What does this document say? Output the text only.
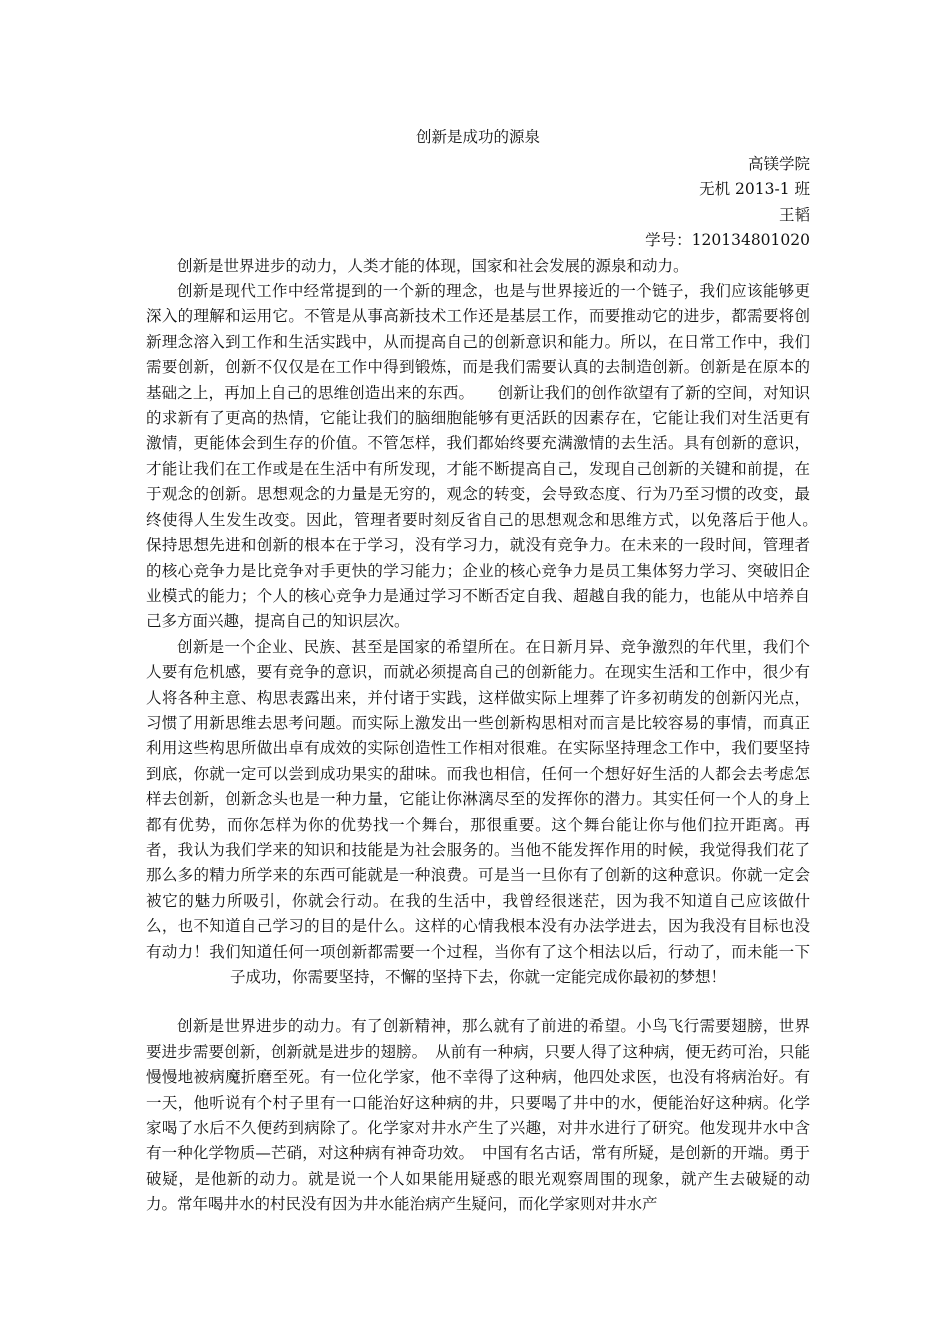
创新是成功的源泉

高镁学院

无机 2013-1 班

王韬

学号：120134801020

创新是世界进步的动力，人类才能的体现，国家和社会发展的源泉和动力。

创新是现代工作中经常提到的一个新的理念，也是与世界接近的一个链子，我们应该能够更深入的理解和运用它。不管是从事高新技术工作还是基层工作，而要推动它的进步，都需要将创新理念溶入到工作和生活实践中，从而提高自己的创新意识和能力。所以，在日常工作中，我们需要创新，创新不仅仅是在工作中得到锻炼，而是我们需要认真的去制造创新。创新是在原本的基础之上，再加上自己的思维创造出来的东西。　　创新让我们的创作欲望有了新的空间，对知识的求新有了更高的热情，它能让我们的脑细胞能够有更活跃的因素存在，它能让我们对生活更有激情，更能体会到生存的价值。不管怎样，我们都始终要充满激情的去生活。具有创新的意识，才能让我们在工作或是在生活中有所发现，才能不断提高自己，发现自己创新的关键和前提，在于观念的创新。思想观念的力量是无穷的，观念的转变，会导致态度、行为乃至习惯的改变，最终使得人生发生改变。因此，管理者要时刻反省自己的思想观念和思维方式，以免落后于他人。　保持思想先进和创新的根本在于学习，没有学习力，就没有竞争力。在未来的一段时间，管理者的核心竞争力是比竞争对手更快的学习能力；企业的核心竞争力是员工集体努力学习、突破旧企业模式的能力；个人的核心竞争力是通过学习不断否定自我、超越自我的能力，也能从中培养自己多方面兴趣，提高自己的知识层次。

创新是一个企业、民族、甚至是国家的希望所在。在日新月异、竞争激烈的年代里，我们个人要有危机感，要有竞争的意识，而就必须提高自己的创新能力。在现实生活和工作中，很少有人将各种主意、构思表露出来，并付诸于实践，这样做实际上埋葬了许多初萌发的创新闪光点，习惯了用新思维去思考问题。而实际上激发出一些创新构思相对而言是比较容易的事情，而真正利用这些构思所做出卓有成效的实际创造性工作相对很难。在实际坚持理念工作中，我们要坚持到底，你就一定可以尝到成功果实的甜味。而我也相信，任何一个想好好生活的人都会去考虑怎样去创新，创新念头也是一种力量，它能让你淋漓尽至的发挥你的潜力。其实任何一个人的身上都有优势，而你怎样为你的优势找一个舞台，那很重要。这个舞台能让你与他们拉开距离。再者，我认为我们学来的知识和技能是为社会服务的。当他不能发挥作用的时候，我觉得我们花了那么多的精力所学来的东西可能就是一种浪费。可是当一旦你有了创新的这种意识。你就一定会被它的魅力所吸引，你就会行动。在我的生活中，我曾经很迷茫，因为我不知道自己应该做什么，也不知道自己学习的目的是什么。这样的心情我根本没有办法学进去，因为我没有目标也没有动力！我们知道任何一项创新都需要一个过程，当你有了这个相法以后，行动了，而未能一下子成功，你需要坚持，不懈的坚持下去，你就一定能完成你最初的梦想！

创新是世界进步的动力。有了创新精神，那么就有了前进的希望。小鸟飞行需要翅膀，世界要进步需要创新，创新就是进步的翅膀。　从前有一种病，只要人得了这种病，便无药可治，只能慢慢地被病魔折磨至死。有一位化学家，他不幸得了这种病，他四处求医，也没有将病治好。有一天，他听说有个村子里有一口能治好这种病的井，只要喝了井中的水，便能治好这种病。化学家喝了水后不久便药到病除了。化学家对井水产生了兴趣，对井水进行了研究。他发现井水中含有一种化学物质—芒硝，对这种病有神奇功效。　中国有名古话，常有所疑，是创新的开端。勇于破疑，是他新的动力。就是说一个人如果能用疑惑的眼光观察周围的现象，就产生去破疑的动力。常年喝井水的村民没有因为井水能治病产生疑问，而化学家则对井水产
